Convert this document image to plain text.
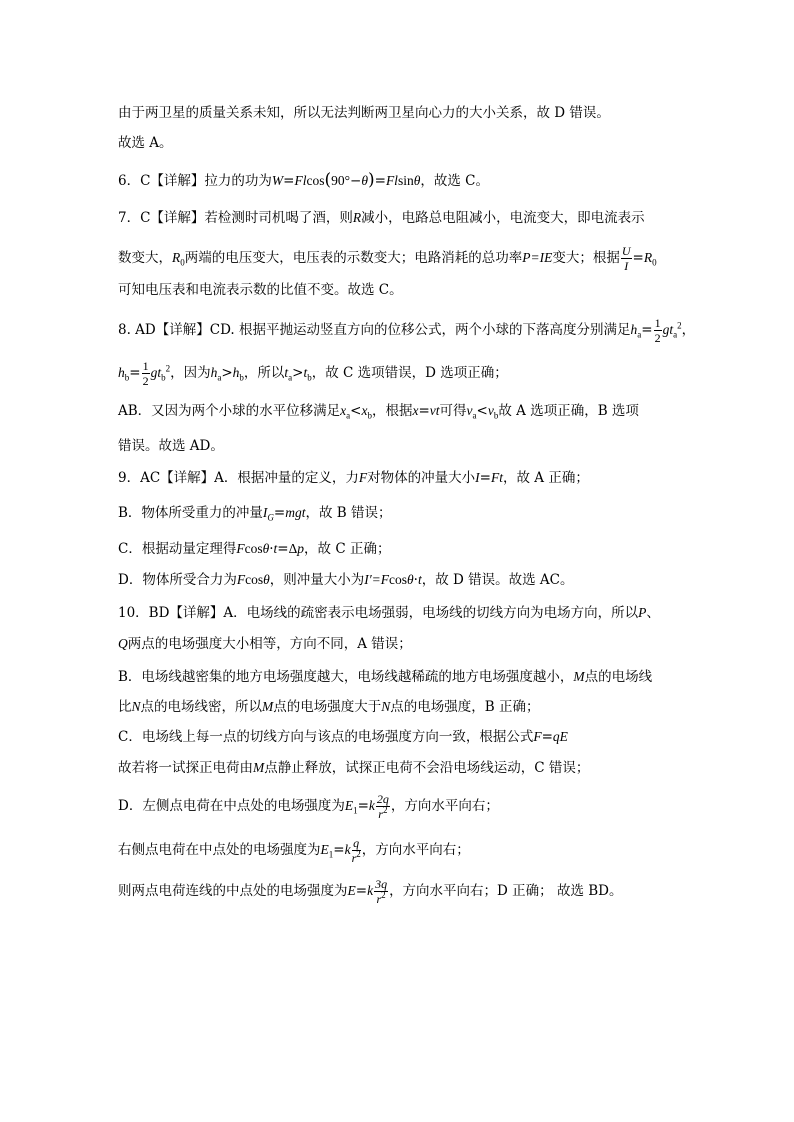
由于两卫星的质量关系未知，所以无法判断两卫星向心力的大小关系，故 D 错误。
故选 A。
6．C【详解】拉力的功为W=Flcos(90°−θ)=Flsinθ，故选 C。
7．C【详解】若检测时司机喝了酒，则R减小，电路总电阻减小，电流变大，即电流表示
数变大，$R_0$两端的电压变大，电压表的示数变大；电路消耗的总功率P=IE变大；根据 $\frac{U}{I} =R_0$
可知电压表和电流表示数的比值不变。故选 C。
8. AD【详解】CD. 根据平抛运动竖直方向的位移公式，两个小球的下落高度分别满足$h_a= \frac{1}{2} gt_a^2$，
$h_b= \frac{1}{2} gt_b^2$，因为$h_a>h_b$，所以$t_a>t_b$，故 C 选项错误，D 选项正确；
AB．又因为两个小球的水平位移满足$x_a<x_b$，根据x=vt可得$v_a<v_b$故 A 选项正确，B 选项
错误。故选 AD。
9．AC【详解】A．根据冲量的定义，力F对物体的冲量大小I=Ft，故 A 正确；
B．物体所受重力的冲量$I_G=mgt$，故 B 错误；
C．根据动量定理得Fcosθ·t=Δp，故 C 正确；
D．物体所受合力为Fcosθ，则冲量大小为I′=Fcosθ·t，故 D 错误。故选 AC。
10．BD【详解】A．电场线的疏密表示电场强弱，电场线的切线方向为电场方向，所以P、
Q两点的电场强度大小相等，方向不同，A 错误；
B．电场线越密集的地方电场强度越大，电场线越稀疏的地方电场强度越小，M点的电场线
比N点的电场线密，所以M点的电场强度大于N点的电场强度，B 正确；
C．电场线上每一点的切线方向与该点的电场强度方向一致，根据公式F=qE
故若将一试探正电荷由M点静止释放，试探正电荷不会沿电场线运动，C 错误；
D．左侧点电荷在中点处的电场强度为$E_1=k \frac{2q}{r^2}$ ，方向水平向右；
右侧点电荷在中点处的电场强度为$E_1=k \frac{q}{r^2}$ ，方向水平向右；
则两点电荷连线的中点处的电场强度为$E=k \frac{3q}{r^2}$ ，方向水平向右；D 正确； 故选 BD。
